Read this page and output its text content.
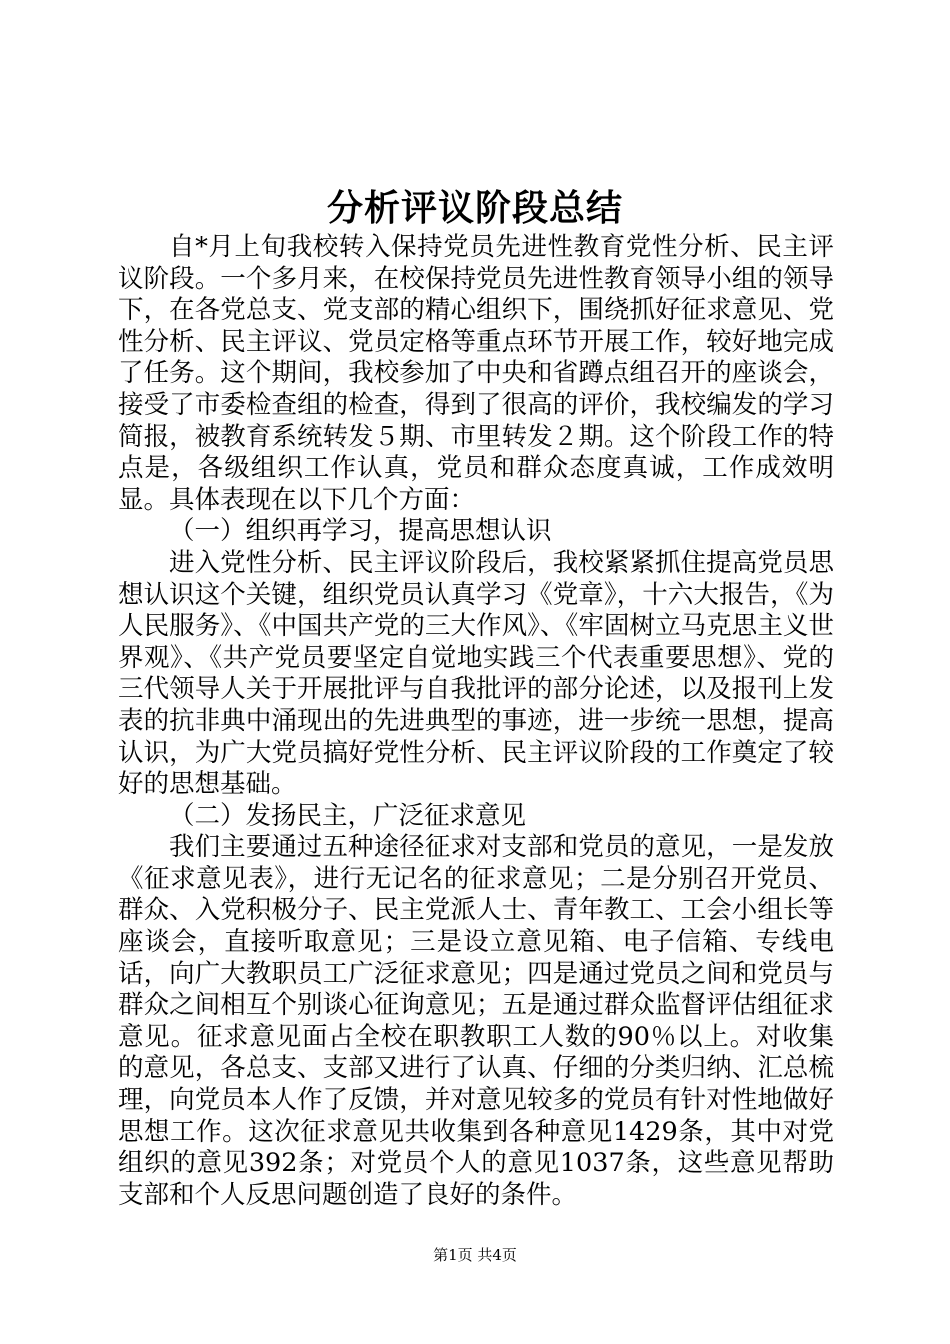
分析评议阶段总结

自*月上旬我校转入保持党员先进性教育党性分析、民主评议阶段。一个多月来，在校保持党员先进性教育领导小组的领导下，在各党总支、党支部的精心组织下，围绕抓好征求意见、党性分析、民主评议、党员定格等重点环节开展工作，较好地完成了任务。这个期间，我校参加了中央和省蹲点组召开的座谈会，接受了市委检查组的检查，得到了很高的评价，我校编发的学习简报，被教育系统转发５期、市里转发２期。这个阶段工作的特点是，各级组织工作认真，党员和群众态度真诚，工作成效明显。具体表现在以下几个方面：

（一）组织再学习，提高思想认识

进入党性分析、民主评议阶段后，我校紧紧抓住提高党员思想认识这个关键，组织党员认真学习《党章》，十六大报告，《为人民服务》、《中国共产党的三大作风》、《牢固树立马克思主义世界观》、《共产党员要坚定自觉地实践三个代表重要思想》、党的三代领导人关于开展批评与自我批评的部分论述，以及报刊上发表的抗非典中涌现出的先进典型的事迹，进一步统一思想，提高认识，为广大党员搞好党性分析、民主评议阶段的工作奠定了较好的思想基础。

（二）发扬民主，广泛征求意见

我们主要通过五种途径征求对支部和党员的意见，一是发放《征求意见表》，进行无记名的征求意见；二是分别召开党员、群众、入党积极分子、民主党派人士、青年教工、工会小组长等座谈会，直接听取意见；三是设立意见箱、电子信箱、专线电话，向广大教职员工广泛征求意见；四是通过党员之间和党员与群众之间相互个别谈心征询意见；五是通过群众监督评估组征求意见。征求意见面占全校在职教职工人数的90％以上。对收集的意见，各总支、支部又进行了认真、仔细的分类归纳、汇总梳理，向党员本人作了反馈，并对意见较多的党员有针对性地做好思想工作。这次征求意见共收集到各种意见1429条，其中对党组织的意见392条；对党员个人的意见1037条，这些意见帮助支部和个人反思问题创造了良好的条件。

第1页 共4页
